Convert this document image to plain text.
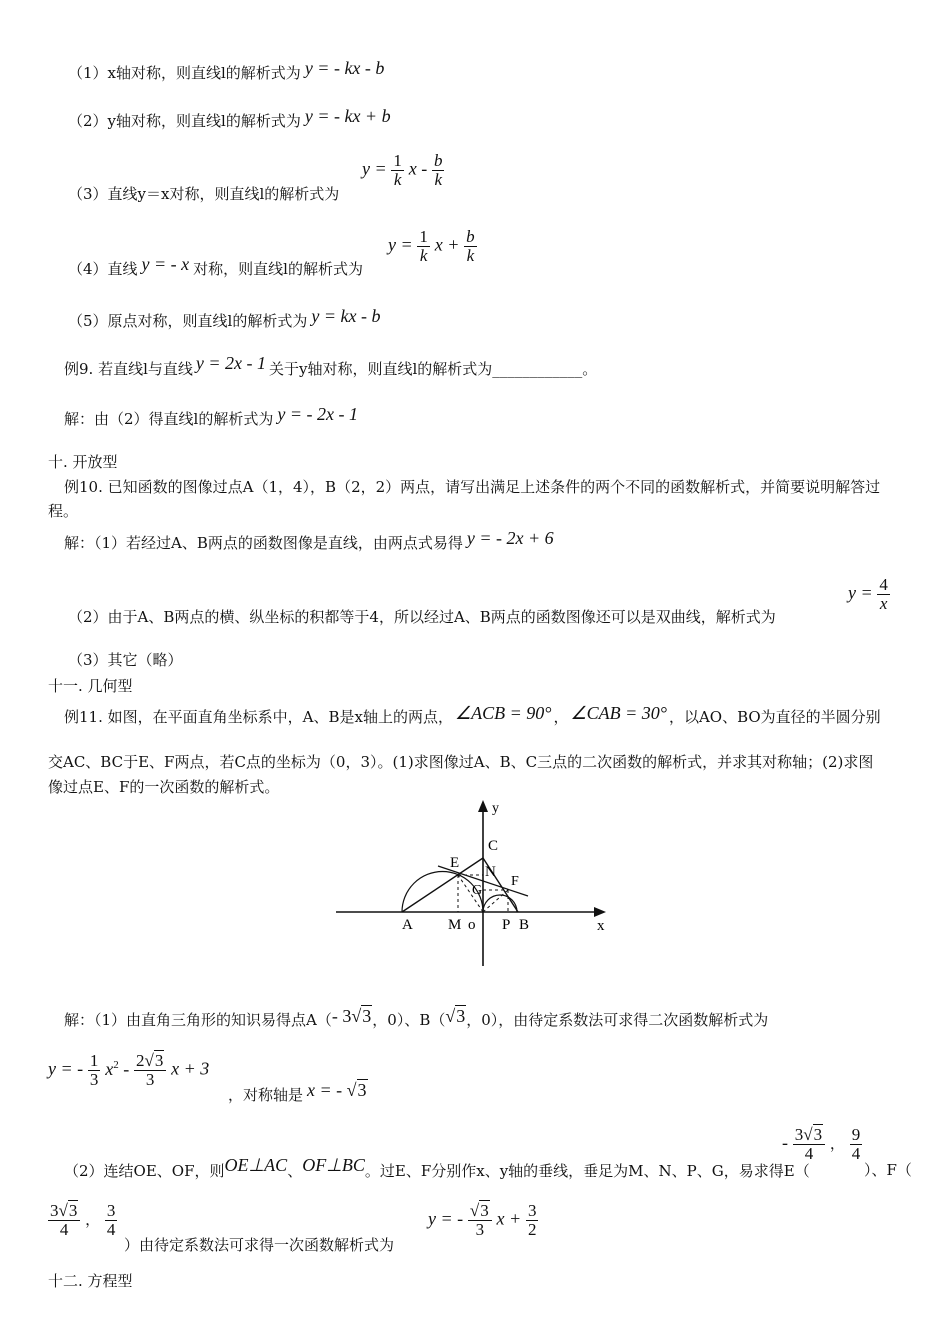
（1）x轴对称，则直线l的解析式为 y = - kx - b
（2）y轴对称，则直线l的解析式为 y = - kx + b
（3）直线y＝x对称，则直线l的解析式为
$y = \frac{1}{k}$ x - $\frac{b}{k}$
（4）直线 y = - x 对称，则直线l的解析式为
$y = \frac{1}{k}$ $x + \frac{b}{k}$
（5）原点对称，则直线l的解析式为 y = kx - b
例9. 若直线l与直线 y = 2x - 1 关于y轴对称，则直线l的解析式为____________。
解：由（2）得直线l的解析式为 y = - 2x - 1
十. 开放型
例10. 已知函数的图像过点A（1，4），B（2，2）两点，请写出满足上述条件的两个不同的函数解析式，并简要说明解答过
程。
解：（1）若经过A、B两点的函数图像是直线，由两点式易得 y = - 2x + 6
（2）由于A、B两点的横、纵坐标的积都等于4，所以经过A、B两点的函数图像还可以是双曲线，解析式为
$y = \frac{4}{x}$
（3）其它（略）
十一. 几何型
例11. 如图，在平面直角坐标系中，A、B是x轴上的两点， ∠ACB = 90° ， ∠CAB = 30° ，以AO、BO为直径的半圆分别
交AC、BC于E、F两点，若C点的坐标为（0，3）。(1)求图像过A、B、C三点的二次函数的解析式，并求其对称轴；(2)求图
像过点E、F的一次函数的解析式。
y
x
C
E
N
F
G
A M o P B
解：（1）由直角三角形的知识易得点A（- 3√3，0）、B（√3，0），由待定系数法可求得二次函数解析式为
y = - $\frac{1}{3} x^2 - \frac{2√3}{3}$ x + 3
，对称轴是 x = - √3
（2）连结OE、OF，则OE⊥AC、OF⊥BC。过E、F分别作x、y轴的垂线，垂足为M、N、P、G，易求得E（
- $\frac{3√3}{4}$ ， $\frac{9}{4}$
）、F（
$\frac{3√3}{4}$ ， $\frac{3}{4}$
）由待定系数法可求得一次函数解析式为
y = - $\frac{√3}{3}$ $x + \frac{3}{2}$
十二. 方程型
